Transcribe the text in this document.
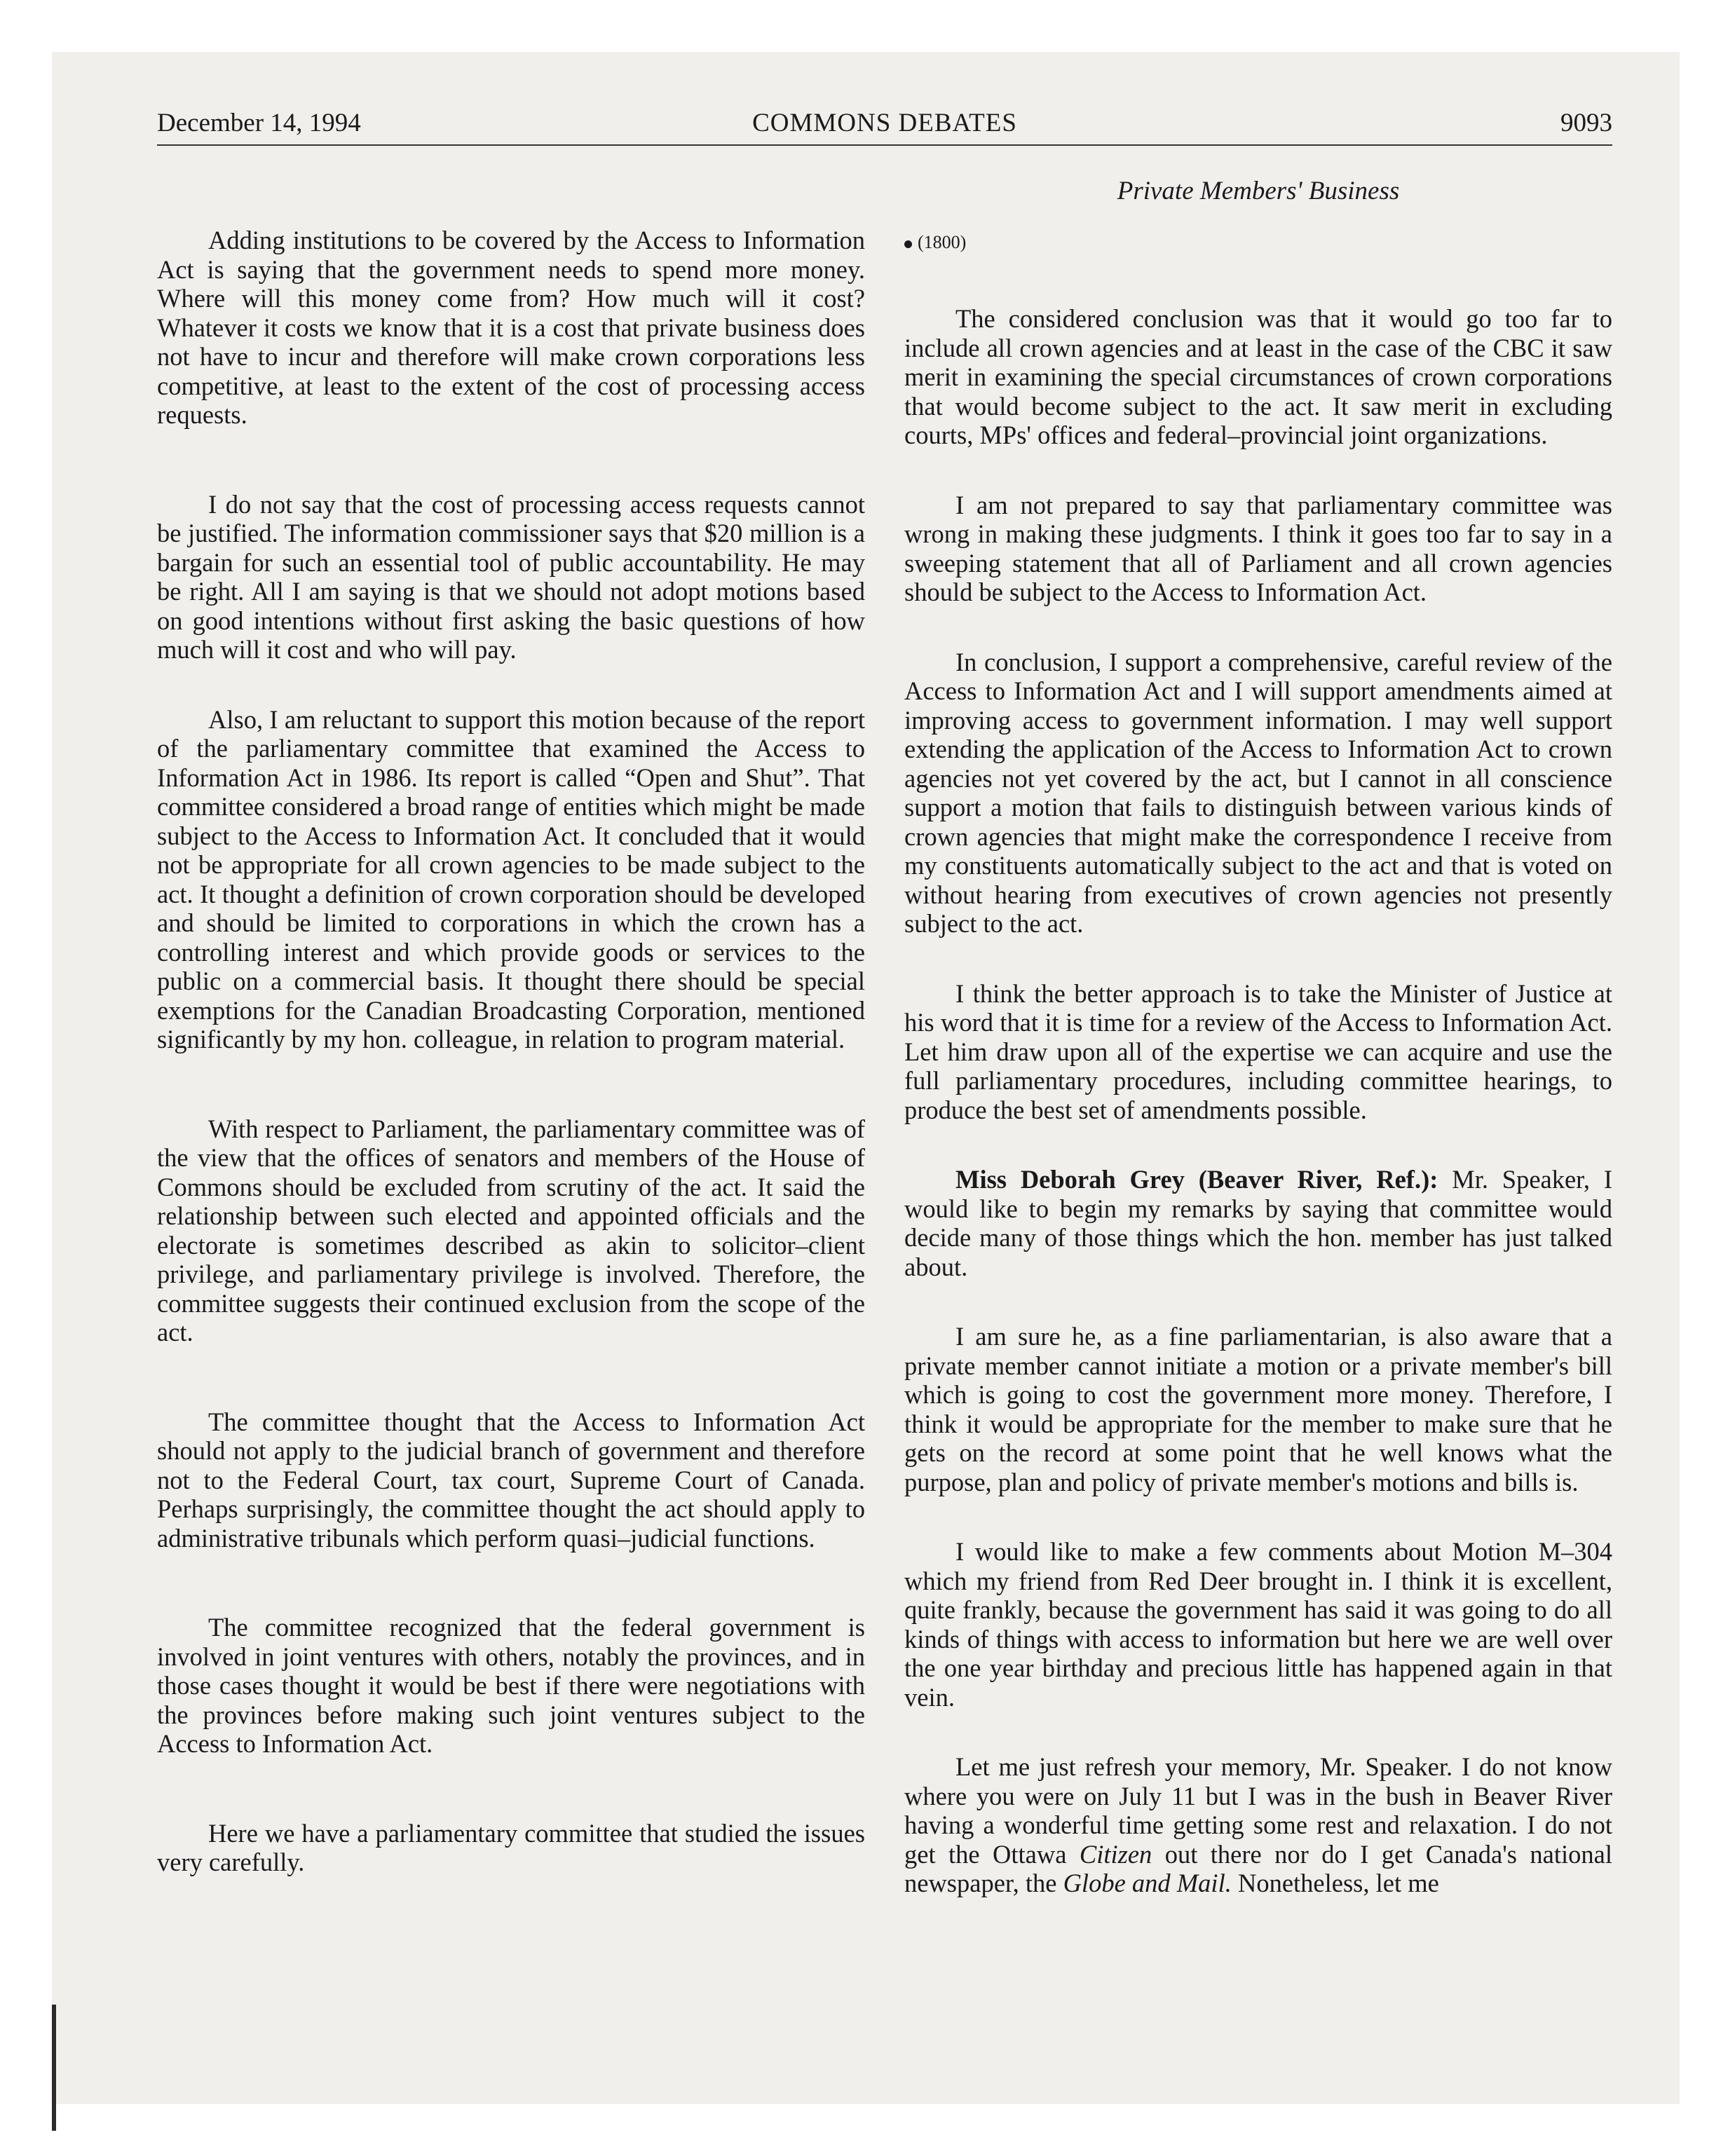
December 14, 1994	COMMONS DEBATES	9093
Private Members' Business

Adding institutions to be covered by the Access to Information Act is saying that the government needs to spend more money. Where will this money come from? How much will it cost? Whatever it costs we know that it is a cost that private business does not have to incur and therefore will make crown corporations less competitive, at least to the extent of the cost of processing access requests.

I do not say that the cost of processing access requests cannot be justified. The information commissioner says that $20 million is a bargain for such an essential tool of public accountability. He may be right. All I am saying is that we should not adopt motions based on good intentions without first asking the basic questions of how much will it cost and who will pay.

Also, I am reluctant to support this motion because of the report of the parliamentary committee that examined the Access to Information Act in 1986. Its report is called “Open and Shut”. That committee considered a broad range of entities which might be made subject to the Access to Information Act. It concluded that it would not be appropriate for all crown agencies to be made subject to the act. It thought a definition of crown corporation should be developed and should be limited to corporations in which the crown has a controlling interest and which provide goods or services to the public on a commercial basis. It thought there should be special exemptions for the Canadian Broadcasting Corporation, mentioned significantly by my hon. colleague, in relation to program material.

With respect to Parliament, the parliamentary committee was of the view that the offices of senators and members of the House of Commons should be excluded from scrutiny of the act. It said the relationship between such elected and appointed officials and the electorate is sometimes described as akin to solicitor–client privilege, and parliamentary privilege is involved. Therefore, the committee suggests their continued exclusion from the scope of the act.

The committee thought that the Access to Information Act should not apply to the judicial branch of government and therefore not to the Federal Court, tax court, Supreme Court of Canada. Perhaps surprisingly, the committee thought the act should apply to administrative tribunals which perform quasi–judicial functions.

The committee recognized that the federal government is involved in joint ventures with others, notably the provinces, and in those cases thought it would be best if there were negotiations with the provinces before making such joint ventures subject to the Access to Information Act.

Here we have a parliamentary committee that studied the issues very carefully.

(1800)

The considered conclusion was that it would go too far to include all crown agencies and at least in the case of the CBC it saw merit in examining the special circumstances of crown corporations that would become subject to the act. It saw merit in excluding courts, MPs' offices and federal–provincial joint organizations.

I am not prepared to say that parliamentary committee was wrong in making these judgments. I think it goes too far to say in a sweeping statement that all of Parliament and all crown agencies should be subject to the Access to Information Act.

In conclusion, I support a comprehensive, careful review of the Access to Information Act and I will support amendments aimed at improving access to government information. I may well support extending the application of the Access to Information Act to crown agencies not yet covered by the act, but I cannot in all conscience support a motion that fails to distinguish between various kinds of crown agencies that might make the correspondence I receive from my constituents automatically subject to the act and that is voted on without hearing from executives of crown agencies not presently subject to the act.

I think the better approach is to take the Minister of Justice at his word that it is time for a review of the Access to Information Act. Let him draw upon all of the expertise we can acquire and use the full parliamentary procedures, including committee hearings, to produce the best set of amendments possible.

Miss Deborah Grey (Beaver River, Ref.): Mr. Speaker, I would like to begin my remarks by saying that committee would decide many of those things which the hon. member has just talked about.

I am sure he, as a fine parliamentarian, is also aware that a private member cannot initiate a motion or a private member's bill which is going to cost the government more money. Therefore, I think it would be appropriate for the member to make sure that he gets on the record at some point that he well knows what the purpose, plan and policy of private member's motions and bills is.

I would like to make a few comments about Motion M–304 which my friend from Red Deer brought in. I think it is excellent, quite frankly, because the government has said it was going to do all kinds of things with access to information but here we are well over the one year birthday and precious little has happened again in that vein.

Let me just refresh your memory, Mr. Speaker. I do not know where you were on July 11 but I was in the bush in Beaver River having a wonderful time getting some rest and relaxation. I do not get the Ottawa Citizen out there nor do I get Canada's national newspaper, the Globe and Mail. Nonetheless, let me
